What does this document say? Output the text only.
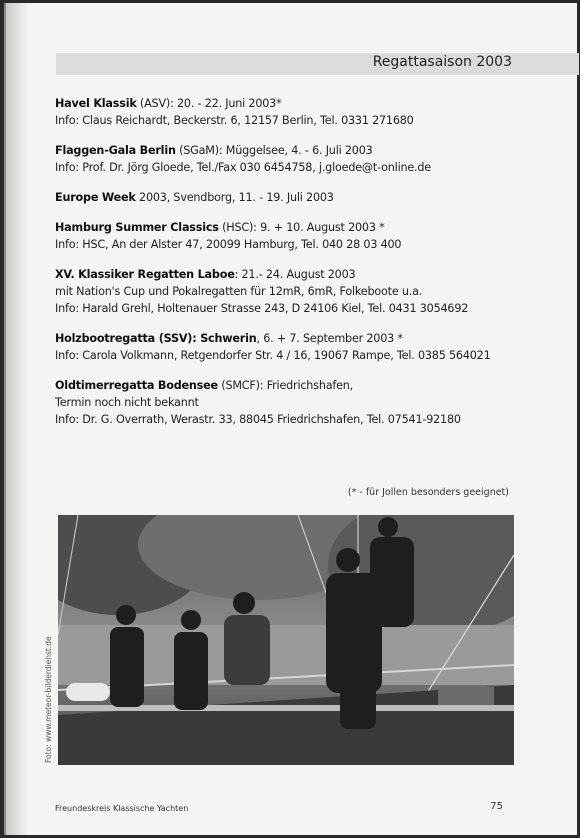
Regattasaison 2003

Havel Klassik (ASV): 20. - 22. Juni 2003*

Info: Claus Reichardt, Beckerstr. 6, 12157 Berlin, Tel. 0331 271680

Flaggen-Gala Berlin (SGaM): Müggelsee, 4. - 6. Juli 2003

Info: Prof. Dr. Jörg Gloede, Tel./Fax 030 6454758, j.gloede@t-online.de

Europe Week 2003, Svendborg, 11. - 19. Juli 2003

Hamburg Summer Classics (HSC): 9. + 10. August 2003 *

Info: HSC, An der Alster 47, 20099 Hamburg, Tel. 040 28 03 400

XV. Klassiker Regatten Laboe: 21.- 24. August 2003

mit Nation's Cup und Pokalregatten für 12mR, 6mR, Folkeboote u.a.

Info: Harald Grehl, Holtenauer Strasse 243, D 24106 Kiel, Tel. 0431 3054692

Holzbootregatta (SSV): Schwerin, 6. + 7. September 2003 *

Info: Carola Volkmann, Retgendorfer Str. 4 / 16, 19067 Rampe, Tel. 0385 564021

Oldtimerregatta Bodensee (SMCF): Friedrichshafen,

Termin noch nicht bekannt

Info: Dr. G. Overrath, Werastr. 33, 88045 Friedrichshafen, Tel. 07541-92180

(* - für Jollen besonders geeignet)
Foto: www.meteor-bilderdienst.de
Freundeskreis Klassische Yachten	75
